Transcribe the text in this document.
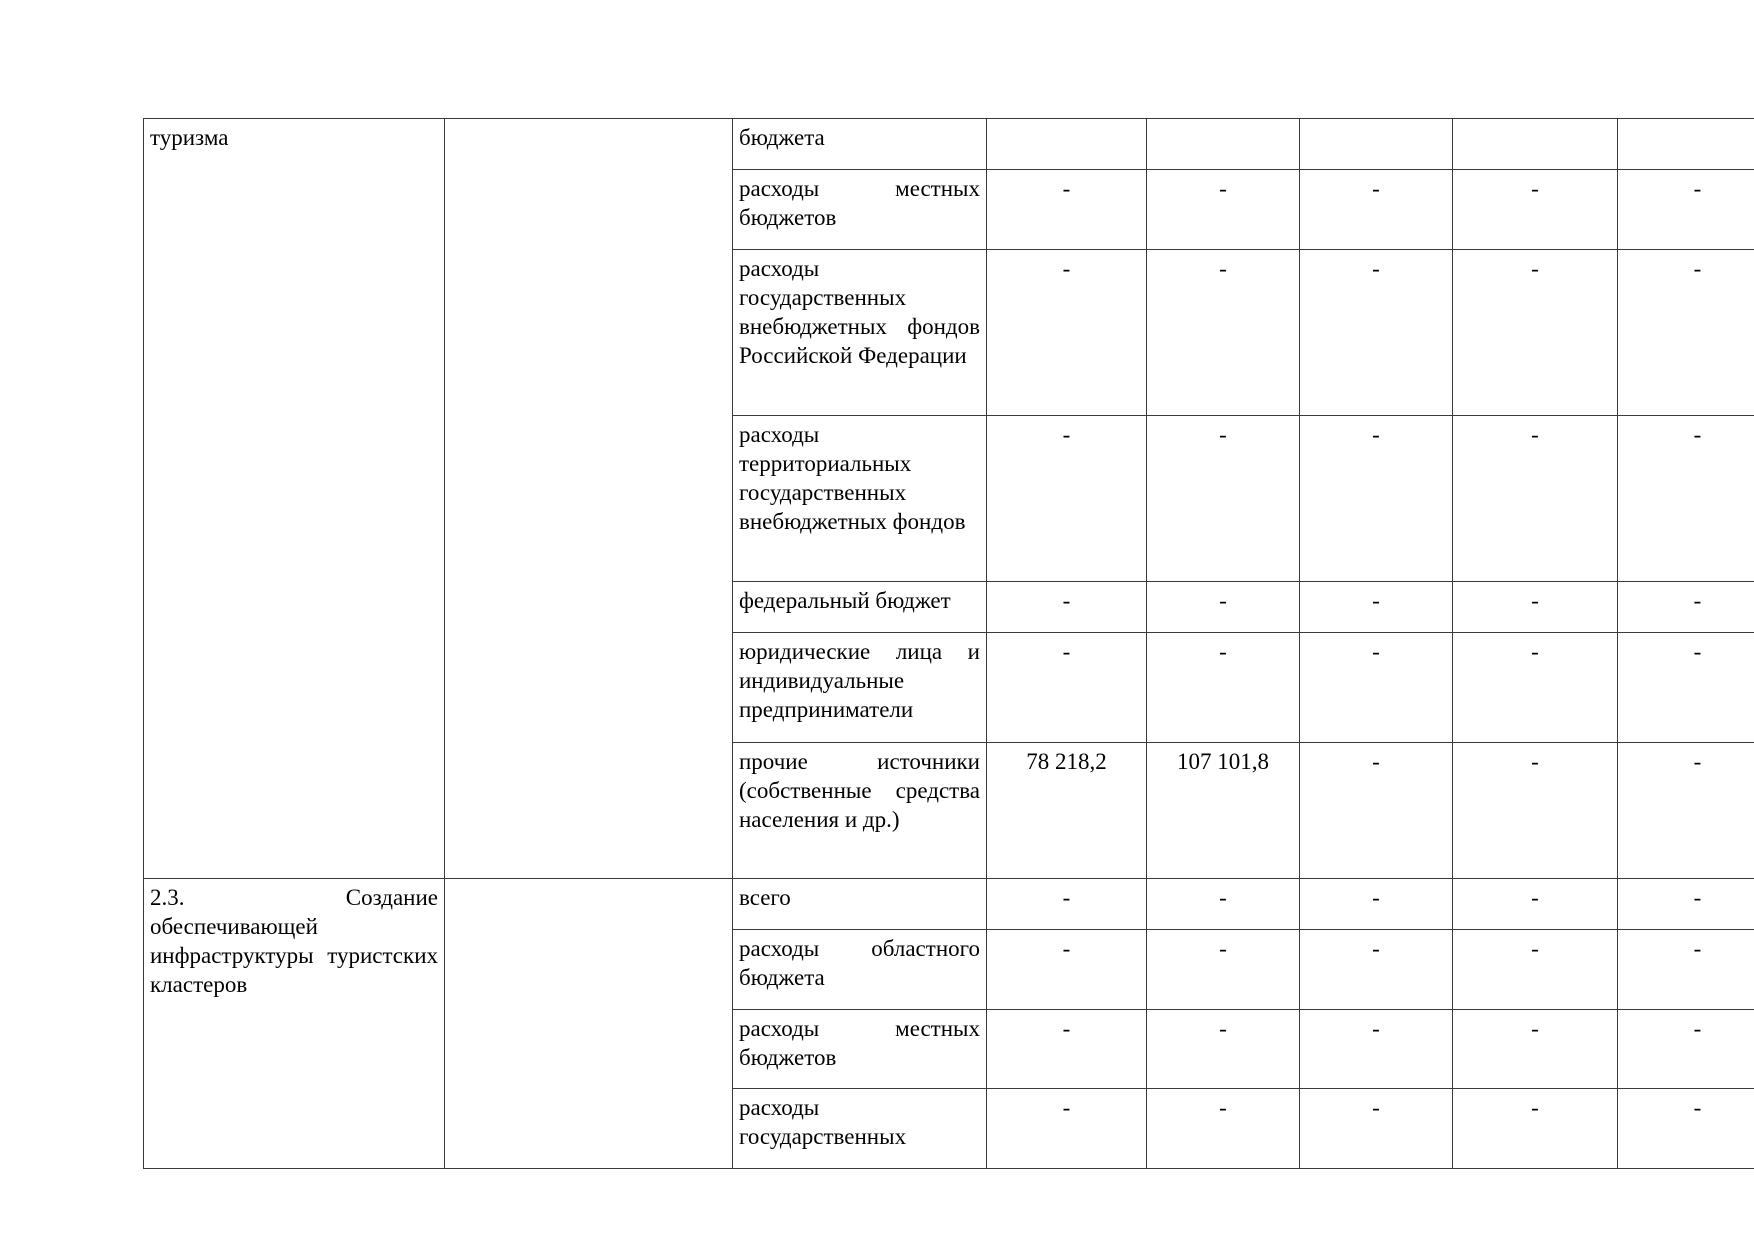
туризма		бюджета					
		расходы местных бюджетов	-	-	-	-	-
		расходы государственных внебюджетных фондов Российской Федерации	-	-	-	-	-
		расходы территориальных государственных внебюджетных фондов	-	-	-	-	-
		федеральный бюджет	-	-	-	-	-
		юридические лица и индивидуальные предприниматели	-	-	-	-	-
		прочие источники (собственные средства населения и др.)	78 218,2	107 101,8	-	-	-
2.3. Создание обеспечивающей инфраструктуры туристских кластеров		всего	-	-	-	-	-
		расходы областного бюджета	-	-	-	-	-
		расходы местных бюджетов	-	-	-	-	-
		расходы государственных	-	-	-	-	-
